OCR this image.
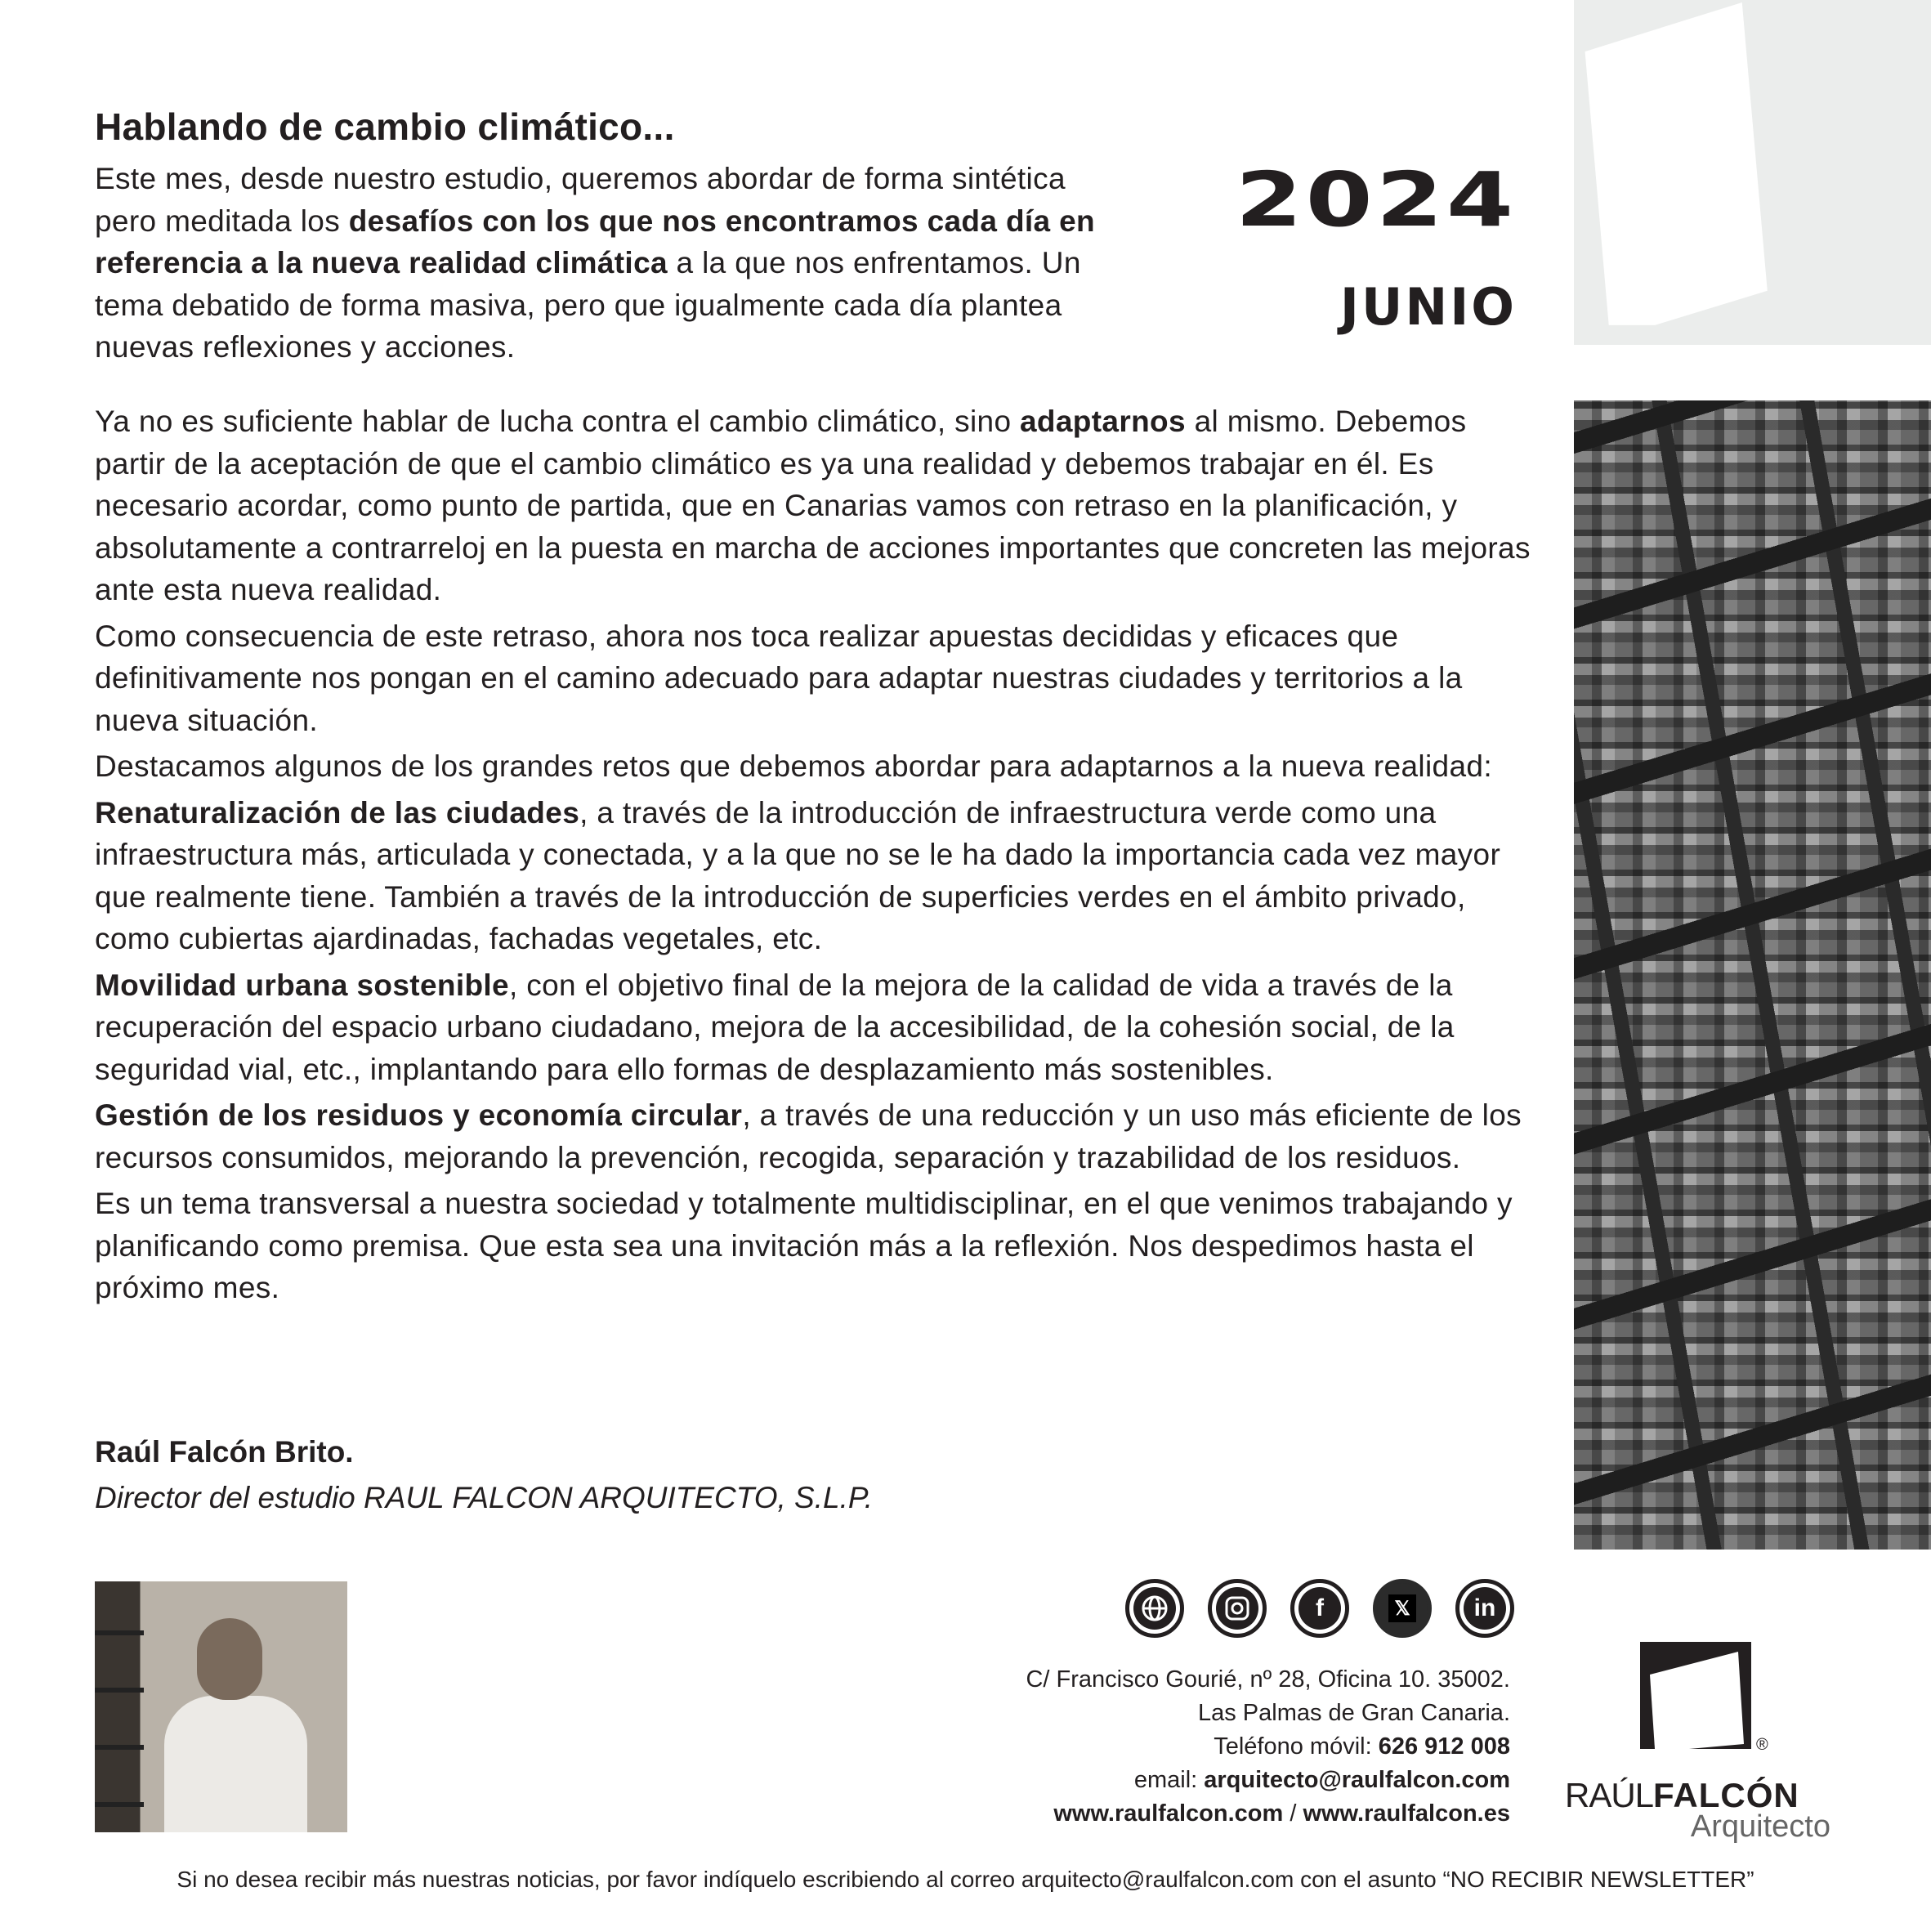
Hablando de cambio climático...
2024
JUNIO

Este mes, desde nuestro estudio, queremos abordar de forma sintética pero meditada los desafíos con los que nos encontramos cada día en referencia a la nueva realidad climática a la que nos enfrentamos. Un tema debatido de forma masiva, pero que igualmente cada día plantea nuevas reflexiones y acciones.

Ya no es suficiente hablar de lucha contra el cambio climático, sino adaptarnos al mismo. Debemos partir de la aceptación de que el cambio climático es ya una realidad y debemos trabajar en él. Es necesario acordar, como punto de partida, que en Canarias vamos con retraso en la planificación, y absolutamente a contrarreloj en la puesta en marcha de acciones importantes que concreten las mejoras ante esta nueva realidad.

Como consecuencia de este retraso, ahora nos toca realizar apuestas decididas y eficaces que definitivamente nos pongan en el camino adecuado para adaptar nuestras ciudades y territorios a la nueva situación.

Destacamos algunos de los grandes retos que debemos abordar para adaptarnos a la nueva realidad:

Renaturalización de las ciudades, a través de la introducción de infraestructura verde como una infraestructura más, articulada y conectada, y a la que no se le ha dado la importancia cada vez mayor que realmente tiene. También a través de la introducción de superficies verdes en el ámbito privado, como cubiertas ajardinadas, fachadas vegetales, etc.

Movilidad urbana sostenible, con el objetivo final de la mejora de la calidad de vida a través de la recuperación del espacio urbano ciudadano, mejora de la accesibilidad, de la cohesión social, de la seguridad vial, etc., implantando para ello formas de desplazamiento más sostenibles.

Gestión de los residuos y economía circular, a través de una reducción y un uso más eficiente de los recursos consumidos, mejorando la prevención, recogida, separación y trazabilidad de los residuos.

Es un tema transversal a nuestra sociedad y totalmente multidisciplinar, en el que venimos trabajando y planificando como premisa. Que esta sea una invitación más a la reflexión. Nos despedimos hasta el próximo mes.

Raúl Falcón Brito.
Director del estudio RAUL FALCON ARQUITECTO, S.L.P.
f	𝕏	in
C/ Francisco Gourié, nº 28, Oficina 10. 35002.
Las Palmas de Gran Canaria.
Teléfono móvil: 626 912 008
email: arquitecto@raulfalcon.com
www.raulfalcon.com / www.raulfalcon.es
®
RAÚLFALCÓN
Arquitecto
Si no desea recibir más nuestras noticias, por favor indíquelo escribiendo al correo arquitecto@raulfalcon.com con el asunto “NO RECIBIR NEWSLETTER”
